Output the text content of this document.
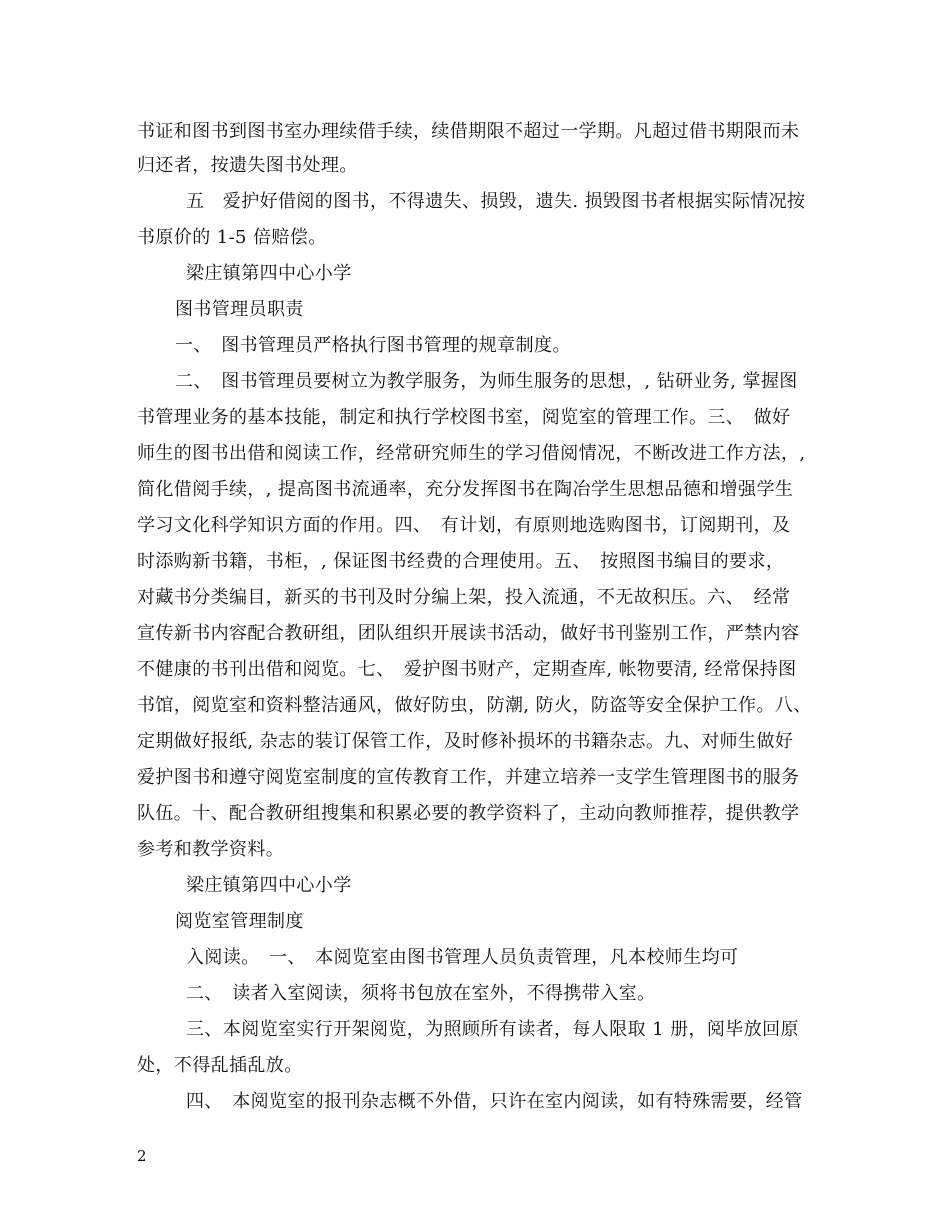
书证和图书到图书室办理续借手续，续借期限不超过一学期。凡超过借书期限而未
归还者，按遗失图书处理。
五　爱护好借阅的图书，不得遗失、损毁，遗失. 损毁图书者根据实际情况按
书原价的 1-5 倍赔偿。
梁庄镇第四中心小学
图书管理员职责
一、　图书管理员严格执行图书管理的规章制度。
二、　图书管理员要树立为教学服务，为师生服务的思想，, 钻研业务, 掌握图
书管理业务的基本技能，制定和执行学校图书室，阅览室的管理工作。三、　做好
师生的图书出借和阅读工作，经常研究师生的学习借阅情况，不断改进工作方法，,
简化借阅手续，, 提高图书流通率，充分发挥图书在陶冶学生思想品德和增强学生
学习文化科学知识方面的作用。四、　有计划，有原则地选购图书，订阅期刊，及
时添购新书籍，书柜，, 保证图书经费的合理使用。五、　按照图书编目的要求，
对藏书分类编目，新买的书刊及时分编上架，投入流通，不无故积压。六、　经常
宣传新书内容配合教研组，团队组织开展读书活动，做好书刊鉴别工作，严禁内容
不健康的书刊出借和阅览。七、　爱护图书财产，定期查库, 帐物要清, 经常保持图
书馆，阅览室和资料整洁通风，做好防虫，防潮, 防火，防盗等安全保护工作。八、
定期做好报纸, 杂志的装订保管工作，及时修补损坏的书籍杂志。九、对师生做好
爱护图书和遵守阅览室制度的宣传教育工作，并建立培养一支学生管理图书的服务
队伍。十、配合教研组搜集和积累必要的教学资料了，主动向教师推荐，提供教学
参考和教学资料。
梁庄镇第四中心小学
阅览室管理制度
入阅读。　一、　本阅览室由图书管理人员负责管理，凡本校师生均可
二、　读者入室阅读，须将书包放在室外，不得携带入室。
三、本阅览室实行开架阅览，为照顾所有读者，每人限取 1 册，阅毕放回原
处，不得乱插乱放。
四、　本阅览室的报刊杂志概不外借，只许在室内阅读，如有特殊需要，经管
2
